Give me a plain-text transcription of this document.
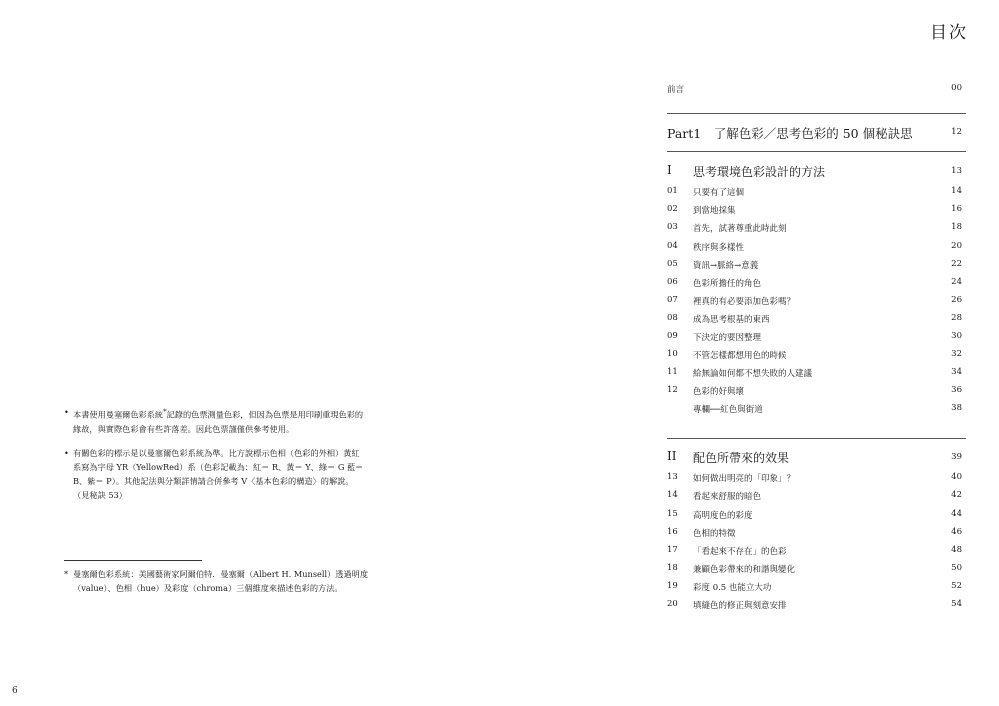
目次
• 本書使用曼塞爾色彩系統*記錄的色票測量色彩，但因為色票是用印刷重現色彩的緣故，與實際色彩會有些許落差。因此色票謹僅供參考使用。
• 有關色彩的標示是以曼塞爾色彩系統為準。比方說標示色相（色彩的外相）黃紅系寫為字母 YR（YellowRed）系（色彩記載為：紅＝ R、黃＝ Y、綠＝ G 藍＝ B、紫＝ P）。其他記法與分類詳情請合併參考 V〈基本色彩的構造〉的解說。（見秘訣 53）
* 曼塞爾色彩系統：美國藝術家阿爾伯特．曼塞爾（Albert H. Munsell）透過明度（value）、色相（hue）及彩度（chroma）三個維度來描述色彩的方法。
6
前言	00
Part1　了解色彩／思考色彩的 50 個秘訣思	12
I 思考環境色彩設計的方法	13
01 只要有了這個	14
02 到當地採集	16
03 首先，試著尊重此時此刻	18
04 秩序與多樣性	20
05 資訊→脈絡→意義	22
06 色彩所擔任的角色	24
07 裡真的有必要添加色彩嗎？	26
08 成為思考根基的東西	28
09 下決定的要因整理	30
10 不管怎樣都想用色的時候	32
11 給無論如何都不想失敗的人建議	34
12 色彩的好與壞	36
專欄──紅色與街道	38
II 配色所帶來的效果	39
13 如何做出明亮的「印象」？	40
14 看起來舒服的暗色	42
15 高明度色的彩度	44
16 色相的特徵	46
17 「看起來不存在」的色彩	48
18 兼顧色彩帶來的和諧與變化	50
19 彩度 0.5 也能立大功	52
20 填縫色的修正與刻意安排	54
